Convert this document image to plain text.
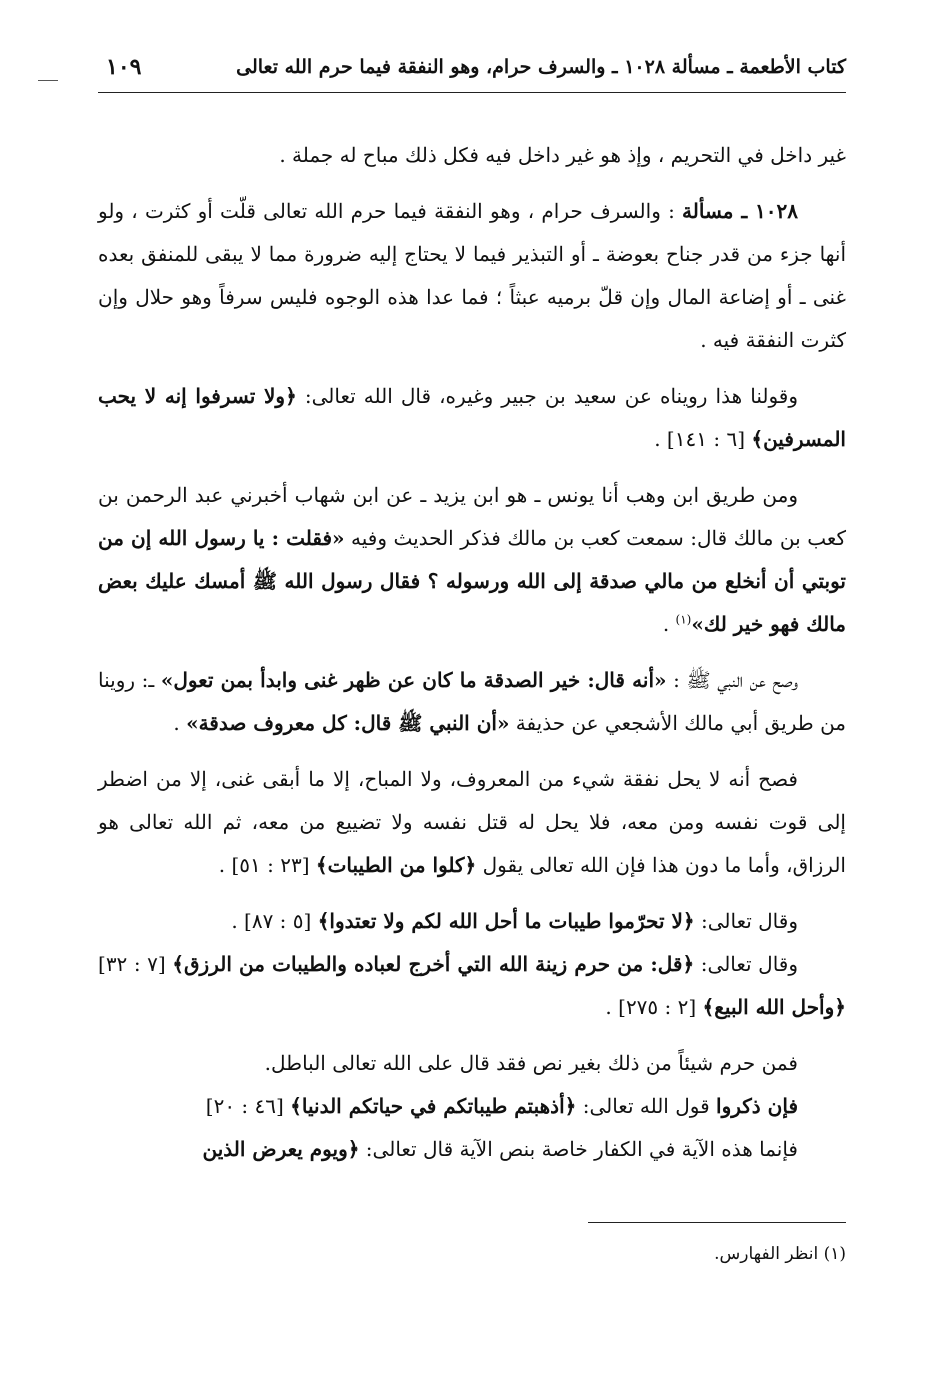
كتاب الأطعمة ـ مسألة ١٠٢٨ ـ والسرف حرام، وهو النفقة فيما حرم الله تعالى
١٠٩

غير داخل في التحريم ، وإذ هو غير داخل فيه فكل ذلك مباح له جملة .

١٠٢٨ ـ مسألة : والسرف حرام ، وهو النفقة فيما حرم الله تعالى قلّت أو كثرت ، ولو أنها جزء من قدر جناح بعوضة ـ أو التبذير فيما لا يحتاج إليه ضرورة مما لا يبقى للمنفق بعده غنى ـ أو إضاعة المال وإن قلّ برميه عبثاً ؛ فما عدا هذه الوجوه فليس سرفاً وهو حلال وإن كثرت النفقة فيه .

وقولنا هذا رويناه عن سعيد بن جبير وغيره، قال الله تعالى: ﴿ولا تسرفوا إنه لا يحب المسرفين﴾ [٦ : ١٤١] .

ومن طريق ابن وهب أنا يونس ـ هو ابن يزيد ـ عن ابن شهاب أخبرني عبد الرحمن بن كعب بن مالك قال: سمعت كعب بن مالك فذكر الحديث وفيه «فقلت : يا رسول الله إن من توبتي أن أنخلع من مالي صدقة إلى الله ورسوله ؟ فقال رسول الله ﷺ أمسك عليك بعض مالك فهو خير لك»$^{(١)}$ .

وصح عن النبي ﷺ : «أنه قال: خير الصدقة ما كان عن ظهر غنى وابدأ بمن تعول» ـ: روينا من طريق أبي مالك الأشجعي عن حذيفة «أن النبي ﷺ قال: كل معروف صدقة» .

فصح أنه لا يحل نفقة شيء من المعروف، ولا المباح، إلا ما أبقى غنى، إلا من اضطر إلى قوت نفسه ومن معه، فلا يحل له قتل نفسه ولا تضييع من معه، ثم الله تعالى هو الرزاق، وأما ما دون هذا فإن الله تعالى يقول ﴿كلوا من الطيبات﴾ [٢٣ : ٥١] .

وقال تعالى: ﴿لا تحرّموا طيبات ما أحل الله لكم ولا تعتدوا﴾ [٥ : ٨٧] .

وقال تعالى: ﴿قل: من حرم زينة الله التي أخرج لعباده والطيبات من الرزق﴾ [٧ : ٣٢] ﴿وأحل الله البيع﴾ [٢ : ٢٧٥] .

فمن حرم شيئاً من ذلك بغير نص فقد قال على الله تعالى الباطل.

فإن ذكروا قول الله تعالى: ﴿أذهبتم طيباتكم في حياتكم الدنيا﴾ [٤٦ : ٢٠]

فإنما هذه الآية في الكفار خاصة بنص الآية قال تعالى: ﴿ويوم يعرض الذين

(١) انظر الفهارس.
